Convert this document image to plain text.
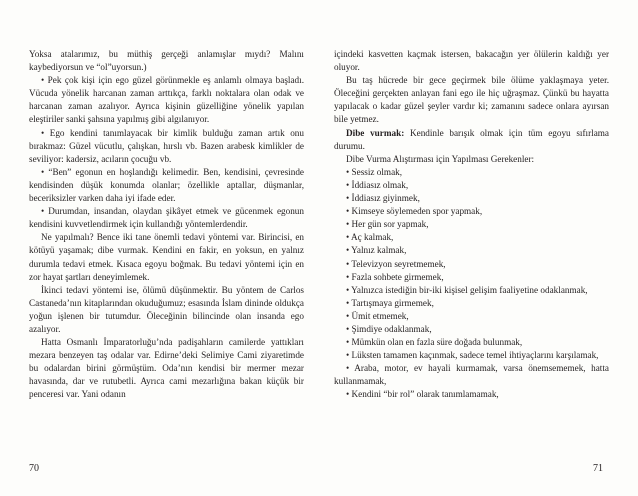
Yoksa atalarımız, bu müthiş gerçeği anlamışlar mıydı? Malını kaybediyorsun ve “ol”uyorsun.)

• Pek çok kişi için ego güzel görünmekle eş anlamlı olmaya başladı. Vücuda yönelik harcanan zaman arttıkça, farklı noktalara olan odak ve harcanan zaman azalıyor. Ayrıca kişinin güzelliğine yönelik yapılan eleştiriler sanki şahsına yapılmış gibi algılanıyor.

• Ego kendini tanımlayacak bir kimlik bulduğu zaman artık onu bırakmaz: Güzel vücutlu, çalışkan, hırslı vb. Bazen arabesk kimlikler de seviliyor: kadersiz, acıların çocuğu vb.

• “Ben” egonun en hoşlandığı kelimedir. Ben, kendisini, çevresinde kendisinden düşük konumda olanlar; özellikle aptallar, düşmanlar, beceriksizler varken daha iyi ifade eder.

• Durumdan, insandan, olaydan şikâyet etmek ve gücenmek egonun kendisini kuvvetlendirmek için kullandığı yöntemlerdendir.

Ne yapılmalı? Bence iki tane önemli tedavi yöntemi var. Birincisi, en kötüyü yaşamak; dibe vurmak. Kendini en fakir, en yoksun, en yalnız durumla tedavi etmek. Kısaca egoyu boğmak. Bu tedavi yöntemi için en zor hayat şartları deneyimlemek.

İkinci tedavi yöntemi ise, ölümü düşünmektir. Bu yöntem de Carlos Castaneda’nın kitaplarından okuduğumuz; esasında İslam dininde oldukça yoğun işlenen bir tutumdur. Öleceğinin bilincinde olan insanda ego azalıyor.

Hatta Osmanlı İmparatorluğu’nda padişahların camilerde yattıkları mezara benzeyen taş odalar var. Edirne’deki Selimiye Cami ziyaretimde bu odalardan birini görmüştüm. Oda’nın kendisi bir mermer mezar havasında, dar ve rutubetli. Ayrıca cami mezarlığına bakan küçük bir penceresi var. Yani odanın

içindeki kasvetten kaçmak istersen, bakacağın yer ölülerin kaldığı yer oluyor.

Bu taş hücrede bir gece geçirmek bile ölüme yaklaşmaya yeter. Öleceğini gerçekten anlayan fani ego ile hiç uğraşmaz. Çünkü bu hayatta yapılacak o kadar güzel şeyler vardır ki; zamanını sadece onlara ayırsan bile yetmez.

Dibe vurmak: Kendinle barışık olmak için tüm egoyu sıfırlama durumu.

Dibe Vurma Alıştırması için Yapılması Gerekenler:

• Sessiz olmak,

• İddiasız olmak,

• İddiasız giyinmek,

• Kimseye söylemeden spor yapmak,

• Her gün sor yapmak,

• Aç kalmak,

• Yalnız kalmak,

• Televizyon seyretmemek,

• Fazla sohbete girmemek,

• Yalnızca istediğin bir-iki kişisel gelişim faaliyetine odaklanmak,

• Tartışmaya girmemek,

• Ümit etmemek,

• Şimdiye odaklanmak,

• Mümkün olan en fazla süre doğada bulunmak,

• Lüksten tamamen kaçınmak, sadece temel ihtiyaçlarını karşılamak,

• Araba, motor, ev hayali kurmamak, varsa önemsememek, hatta kullanmamak,

• Kendini “bir rol” olarak tanımlamamak,

70	71
